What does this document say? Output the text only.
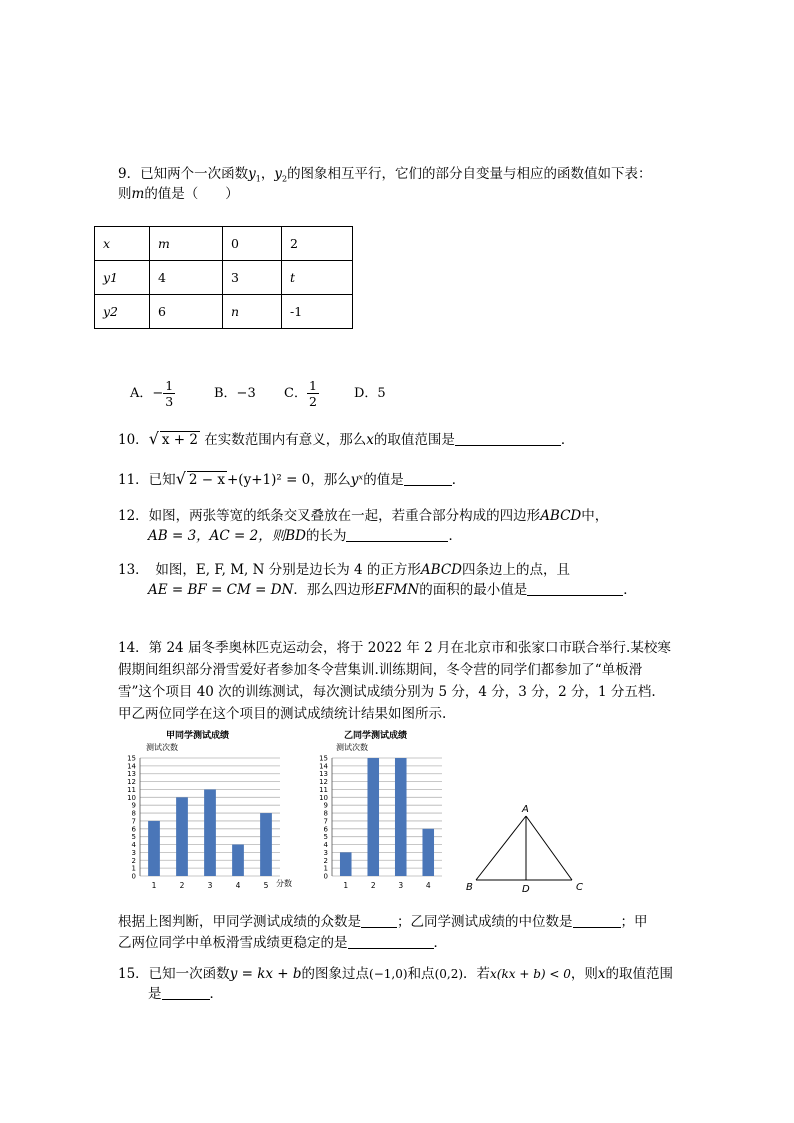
9．已知两个一次函数$y_1$，$y_2$的图象相互平行，它们的部分自变量与相应的函数值如下表：
则m的值是（　　）
x	m	0	2
y1	4	3	t
y2	6	n	-1
A．− $\frac{1}{3}$	B．−3 C． $\frac{1}{2}$	D．5
10．√ x + 2 在实数范围内有意义，那么x的取值范围是	．
11．已知√ 2 − x +(y+1)² = 0，那么yˣ的值是	．
12．如图，两张等宽的纸条交叉叠放在一起，若重合部分构成的四边形ABCD中，
AB = 3，AC = 2，则BD的长为	．
13．　如图，E, F, M, N 分别是边长为 4 的正方形ABCD四条边上的点，且
AE = BF = CM = DN．那么四边形EFMN的面积的最小值是	．
14．第 24 届冬季奥林匹克运动会，将于 2022 年 2 月在北京市和张家口市联合举行.某校寒
假期间组织部分滑雪爱好者参加冬令营集训.训练期间，冬令营的同学们都参加了“单板滑
雪”这个项目 40 次的训练测试，每次测试成绩分别为 5 分，4 分，3 分，2 分，1 分五档.
甲乙两位同学在这个项目的测试成绩统计结果如图所示.
甲同学测试成绩
测试次数
0
1
2
3
4
5
6
7
8
9
10
11
12
13
14
15
1	2	3	4	5 分数
乙同学测试成绩
测试次数
0
1
2
3
4
5
6
7
8
9
10
11
12
13
14
15
1	2	3	4
A
B	C
D
根据上图判断，甲同学测试成绩的众数是	；乙同学测试成绩的中位数是	；甲
乙两位同学中单板滑雪成绩更稳定的是	．
15．已知一次函数y = kx + b的图象过点(−1,0)和点(0,2)．若x(kx + b) < 0，则x的取值范围
是	．
